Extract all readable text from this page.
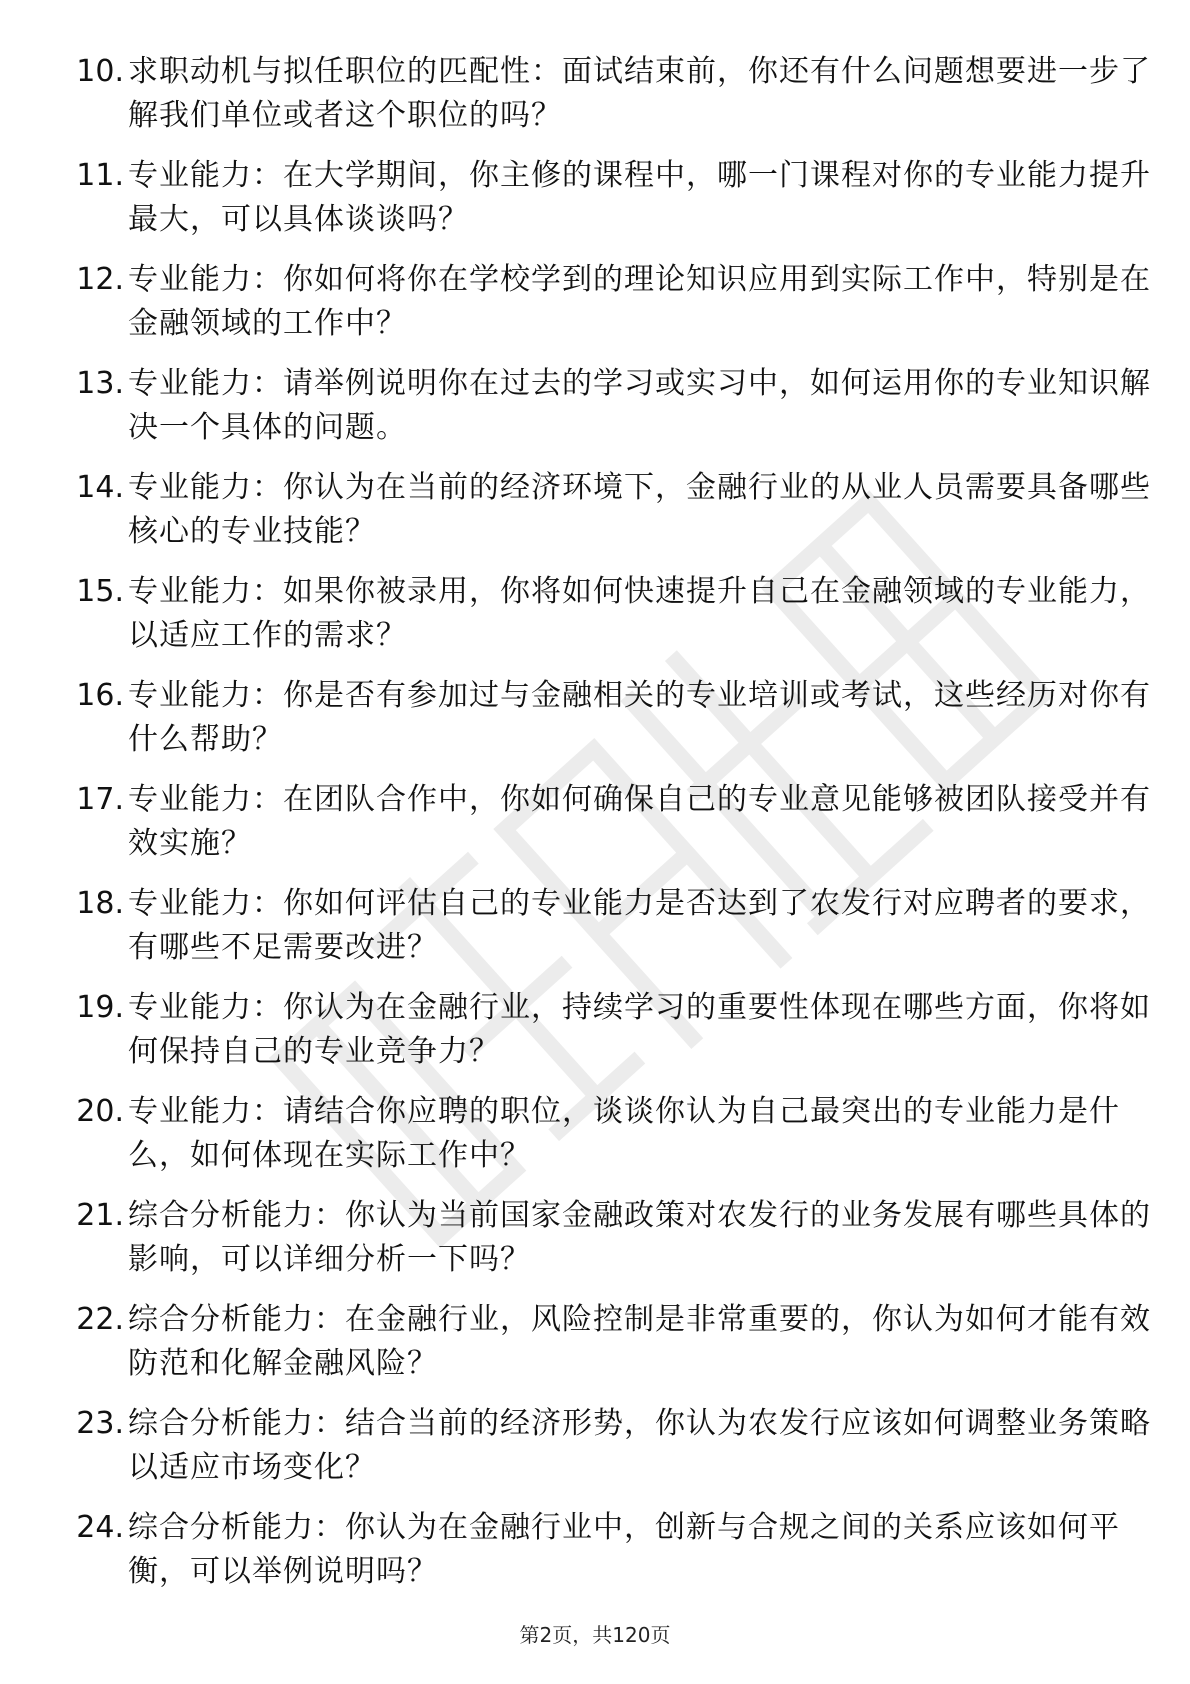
10. 求职动机与拟任职位的匹配性：面试结束前，你还有什么问题想要进一步了解我们单位或者这个职位的吗？
11. 专业能力：在大学期间，你主修的课程中，哪一门课程对你的专业能力提升最大，可以具体谈谈吗？
12. 专业能力：你如何将你在学校学到的理论知识应用到实际工作中，特别是在金融领域的工作中？
13. 专业能力：请举例说明你在过去的学习或实习中，如何运用你的专业知识解决一个具体的问题。
14. 专业能力：你认为在当前的经济环境下，金融行业的从业人员需要具备哪些核心的专业技能？
15. 专业能力：如果你被录用，你将如何快速提升自己在金融领域的专业能力，以适应工作的需求？
16. 专业能力：你是否有参加过与金融相关的专业培训或考试，这些经历对你有什么帮助？
17. 专业能力：在团队合作中，你如何确保自己的专业意见能够被团队接受并有效实施？
18. 专业能力：你如何评估自己的专业能力是否达到了农发行对应聘者的要求，有哪些不足需要改进？
19. 专业能力：你认为在金融行业，持续学习的重要性体现在哪些方面，你将如何保持自己的专业竞争力？
20. 专业能力：请结合你应聘的职位，谈谈你认为自己最突出的专业能力是什么，如何体现在实际工作中？
21. 综合分析能力：你认为当前国家金融政策对农发行的业务发展有哪些具体的影响，可以详细分析一下吗？
22. 综合分析能力：在金融行业，风险控制是非常重要的，你认为如何才能有效防范和化解金融风险？
23. 综合分析能力：结合当前的经济形势，你认为农发行应该如何调整业务策略以适应市场变化？
24. 综合分析能力：你认为在金融行业中，创新与合规之间的关系应该如何平衡，可以举例说明吗？
第2页，共120页
